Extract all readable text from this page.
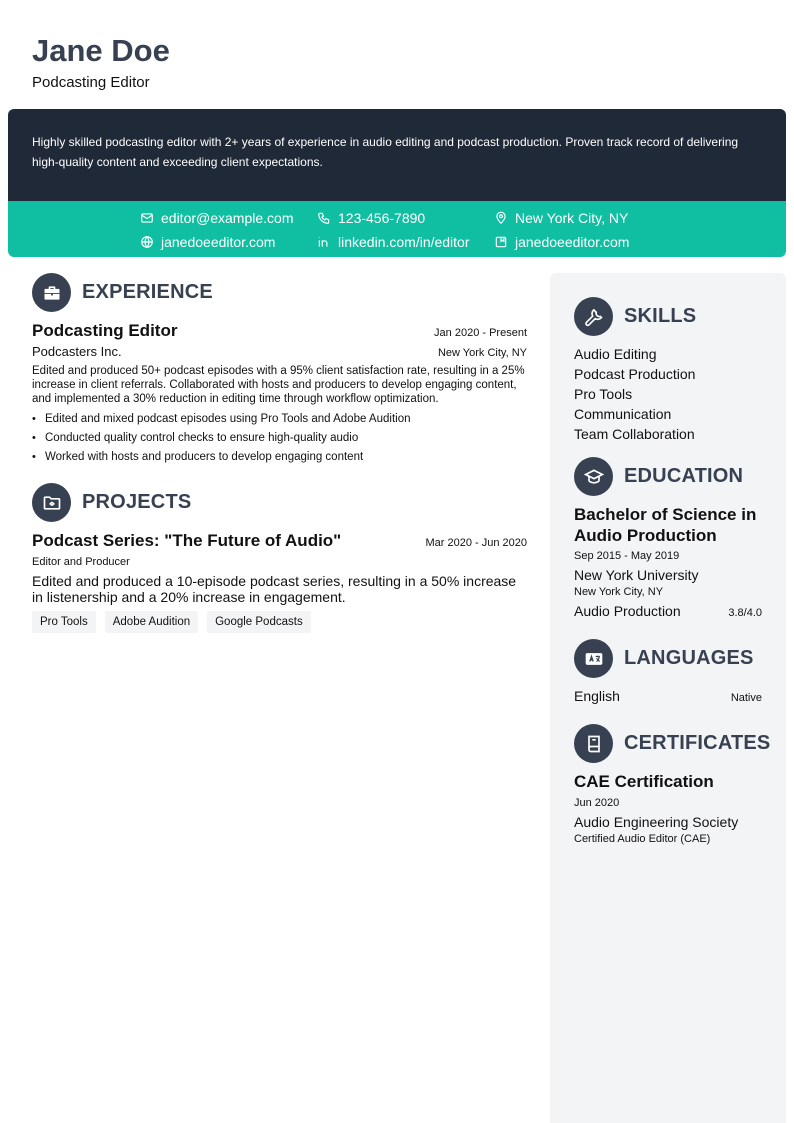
Jane Doe
Podcasting Editor

Highly skilled podcasting editor with 2+ years of experience in audio editing and podcast production. Proven track record of delivering high-quality content and exceeding client expectations.

editor@example.com	123-456-7890	New York City, NY
janedoeeditor.com	linkedin.com/in/editor	janedoeeditor.com
EXPERIENCE
Podcasting Editor	Jan 2020 - Present
Podcasters Inc.	New York City, NY
Edited and produced 50+ podcast episodes with a 95% client satisfaction rate, resulting in a 25% increase in client referrals. Collaborated with hosts and producers to develop engaging content, and implemented a 30% reduction in editing time through workflow optimization.
• Edited and mixed podcast episodes using Pro Tools and Adobe Audition
• Conducted quality control checks to ensure high-quality audio
• Worked with hosts and producers to develop engaging content
PROJECTS
Podcast Series: "The Future of Audio"	Mar 2020 - Jun 2020
Editor and Producer
Edited and produced a 10-episode podcast series, resulting in a 50% increase in listenership and a 20% increase in engagement.
Pro Tools	Adobe Audition	Google Podcasts
SKILLS
Audio Editing
Podcast Production
Pro Tools
Communication
Team Collaboration
EDUCATION
Bachelor of Science in Audio Production
Sep 2015 - May 2019
New York University
New York City, NY
Audio Production	3.8/4.0
LANGUAGES
English	Native
CERTIFICATES
CAE Certification
Jun 2020
Audio Engineering Society
Certified Audio Editor (CAE)
